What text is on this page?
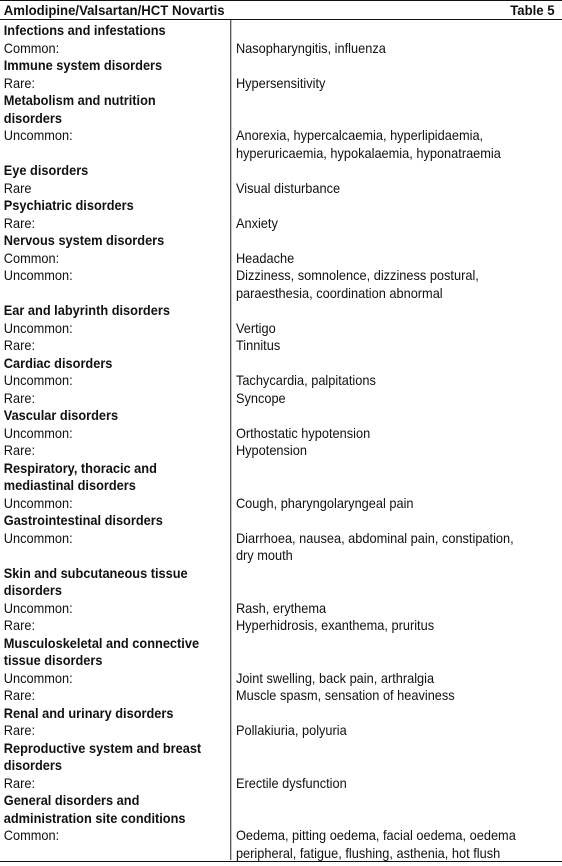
Amlodipine/Valsartan/HCT Novartis	Table 5
Infections and infestations
Common:	Nasopharyngitis, influenza
Immune system disorders
Rare:	Hypersensitivity
Metabolism and nutrition
disorders
Uncommon:	Anorexia, hypercalcaemia, hyperlipidaemia,
hyperuricaemia, hypokalaemia, hyponatraemia
Eye disorders
Rare	Visual disturbance
Psychiatric disorders
Rare:	Anxiety
Nervous system disorders
Common:	Headache
Uncommon:	Dizziness, somnolence, dizziness postural,
paraesthesia, coordination abnormal
Ear and labyrinth disorders
Uncommon:	Vertigo
Rare:	Tinnitus
Cardiac disorders
Uncommon:	Tachycardia, palpitations
Rare:	Syncope
Vascular disorders
Uncommon:	Orthostatic hypotension
Rare:	Hypotension
Respiratory, thoracic and
mediastinal disorders
Uncommon:	Cough, pharyngolaryngeal pain
Gastrointestinal disorders
Uncommon:	Diarrhoea, nausea, abdominal pain, constipation,
dry mouth
Skin and subcutaneous tissue
disorders
Uncommon:	Rash, erythema
Rare:	Hyperhidrosis, exanthema, pruritus
Musculoskeletal and connective
tissue disorders
Uncommon:	Joint swelling, back pain, arthralgia
Rare:	Muscle spasm, sensation of heaviness
Renal and urinary disorders
Rare:	Pollakiuria, polyuria
Reproductive system and breast
disorders
Rare:	Erectile dysfunction
General disorders and
administration site conditions
Common:	Oedema, pitting oedema, facial oedema, oedema
peripheral, fatigue, flushing, asthenia, hot flush
